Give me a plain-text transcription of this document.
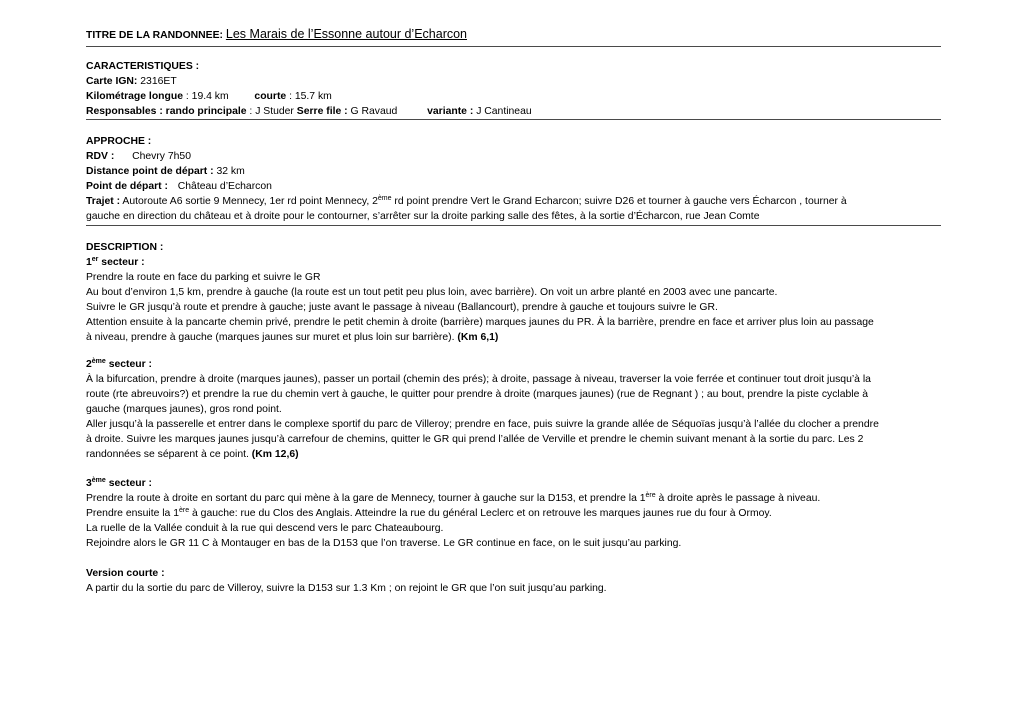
TITRE DE LA RANDONNEE: Les Marais de l’Essonne autour d’Echarcon
CARACTERISTIQUES :
Carte IGN: 2316ET
Kilométrage longue : 19.4 km courte : 15.7 km
Responsables : rando principale : J Studer Serre file : G Ravaud	variante : J Cantineau
APPROCHE :
RDV : Chevry 7h50
Distance point de départ : 32 km
Point de départ : Château d’Echarcon
Trajet : Autoroute A6 sortie 9 Mennecy, 1er rd point Mennecy, 2ème rd point prendre Vert le Grand Echarcon; suivre D26 et tourner à gauche vers Écharcon , tourner à
gauche en direction du château et à droite pour le contourner, s’arrêter sur la droite parking salle des fêtes, à la sortie d’Écharcon, rue Jean Comte
DESCRIPTION :
1er secteur :
Prendre la route en face du parking et suivre le GR
Au bout d’environ 1,5 km, prendre à gauche (la route est un tout petit peu plus loin, avec barrière). On voit un arbre planté en 2003 avec une pancarte.
Suivre le GR jusqu’à route et prendre à gauche; juste avant le passage à niveau (Ballancourt), prendre à gauche et toujours suivre le GR.
Attention ensuite à la pancarte chemin privé, prendre le petit chemin à droite (barrière) marques jaunes du PR. À la barrière, prendre en face et arriver plus loin au passage
à niveau, prendre à gauche (marques jaunes sur muret et plus loin sur barrière). (Km 6,1)
2ème secteur :
À la bifurcation, prendre à droite (marques jaunes), passer un portail (chemin des prés); à droite, passage à niveau, traverser la voie ferrée et continuer tout droit jusqu’à la
route (rte abreuvoirs?) et prendre la rue du chemin vert à gauche, le quitter pour prendre à droite (marques jaunes) (rue de Regnant ) ; au bout, prendre la piste cyclable à
gauche (marques jaunes), gros rond point.
Aller jusqu’à la passerelle et entrer dans le complexe sportif du parc de Villeroy; prendre en face, puis suivre la grande allée de Séquoïas jusqu’à l’allée du clocher a prendre
à droite. Suivre les marques jaunes jusqu’à carrefour de chemins, quitter le GR qui prend l’allée de Verville et prendre le chemin suivant menant à la sortie du parc. Les 2
randonnées se séparent à ce point. (Km 12,6)
3ème secteur :
Prendre la route à droite en sortant du parc qui mène à la gare de Mennecy, tourner à gauche sur la D153, et prendre la 1ère à droite après le passage à niveau.
Prendre ensuite la 1ère à gauche: rue du Clos des Anglais. Atteindre la rue du général Leclerc et on retrouve les marques jaunes rue du four à Ormoy.
La ruelle de la Vallée conduit à la rue qui descend vers le parc Chateaubourg.
Rejoindre alors le GR 11 C à Montauger en bas de la D153 que l’on traverse. Le GR continue en face, on le suit jusqu’au parking.
Version courte :
A partir du la sortie du parc de Villeroy, suivre la D153 sur 1.3 Km ; on rejoint le GR que l’on suit jusqu’au parking.
